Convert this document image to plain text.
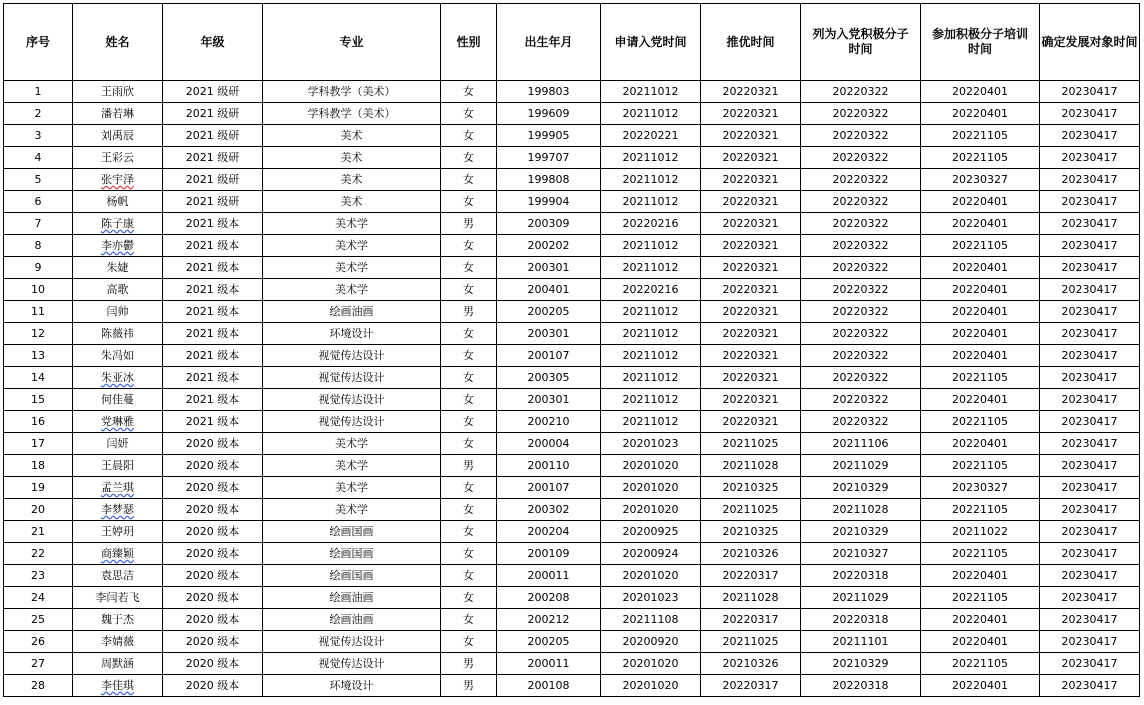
序号	姓名	年级	专业	性别	出生年月	申请入党时间	推优时间	列为入党积极分子时间	参加积极分子培训时间	确定发展对象时间
1	王雨欣	2021 级研	学科教学（美术）	女	199803	20211012	20220321	20220322	20220401	20230417
2	潘若琳	2021 级研	学科教学（美术）	女	199609	20211012	20220321	20220322	20220401	20230417
3	刘禹辰	2021 级研	美术	女	199905	20220221	20220321	20220322	20221105	20230417
4	王彩云	2021 级研	美术	女	199707	20211012	20220321	20220322	20221105	20230417
5	张宇泽	2021 级研	美术	女	199808	20211012	20220321	20220322	20230327	20230417
6	杨帆	2021 级研	美术	女	199904	20211012	20220321	20220322	20220401	20230417
7	陈子康	2021 级本	美术学	男	200309	20220216	20220321	20220322	20220401	20230417
8	李亦鬱	2021 级本	美术学	女	200202	20211012	20220321	20220322	20221105	20230417
9	朱婕	2021 级本	美术学	女	200301	20211012	20220321	20220322	20220401	20230417
10	高歌	2021 级本	美术学	女	200401	20220216	20220321	20220322	20220401	20230417
11	闫帅	2021 级本	绘画油画	男	200205	20211012	20220321	20220322	20220401	20230417
12	陈薇祎	2021 级本	环境设计	女	200301	20211012	20220321	20220322	20220401	20230417
13	朱冯如	2021 级本	视觉传达设计	女	200107	20211012	20220321	20220322	20220401	20230417
14	朱亚冰	2021 级本	视觉传达设计	女	200305	20211012	20220321	20220322	20221105	20230417
15	何佳蔓	2021 级本	视觉传达设计	女	200301	20211012	20220321	20220322	20220401	20230417
16	党琳雅	2021 级本	视觉传达设计	女	200210	20211012	20220321	20220322	20221105	20230417
17	闫妍	2020 级本	美术学	女	200004	20201023	20211025	20211106	20220401	20230417
18	王晨阳	2020 级本	美术学	男	200110	20201020	20211028	20211029	20221105	20230417
19	孟兰琪	2020 级本	美术学	女	200107	20201020	20210325	20210329	20230327	20230417
20	李梦瑟	2020 级本	美术学	女	200302	20201020	20211025	20211028	20221105	20230417
21	王婷玥	2020 级本	绘画国画	女	200204	20200925	20210325	20210329	20211022	20230417
22	商臻颖	2020 级本	绘画国画	女	200109	20200924	20210326	20210327	20221105	20230417
23	袁思洁	2020 级本	绘画国画	女	200011	20201020	20220317	20220318	20220401	20230417
24	李闫若飞	2020 级本	绘画油画	女	200208	20201023	20211028	20211029	20221105	20230417
25	魏于杰	2020 级本	绘画油画	女	200212	20211108	20220317	20220318	20220401	20230417
26	李婧薇	2020 级本	视觉传达设计	女	200205	20200920	20211025	20211101	20220401	20230417
27	周默涵	2020 级本	视觉传达设计	男	200011	20201020	20210326	20210329	20221105	20230417
28	李佳琪	2020 级本	环境设计	男	200108	20201020	20220317	20220318	20220401	20230417
